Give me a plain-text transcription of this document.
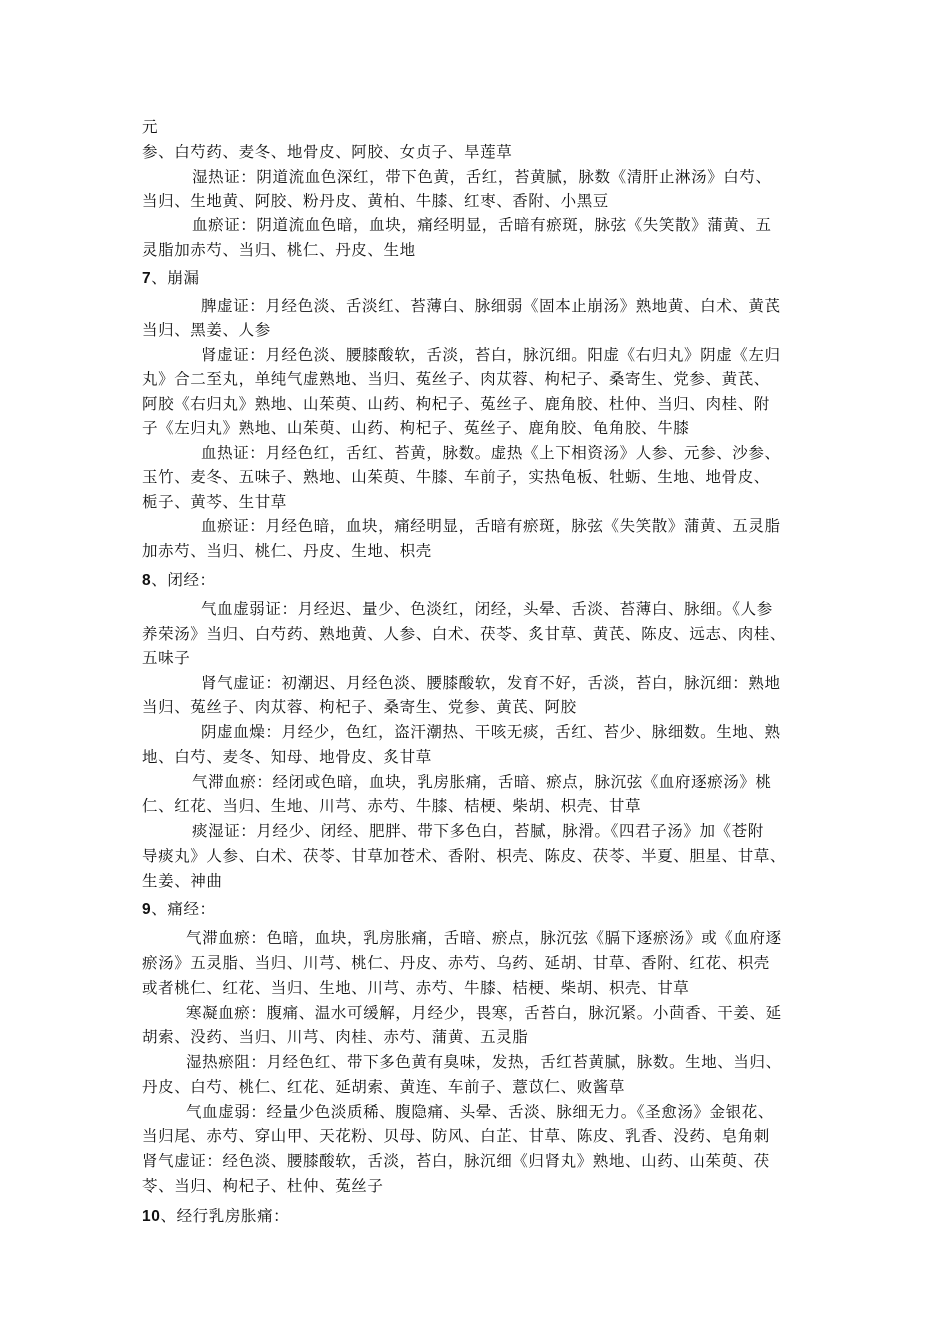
元

参、白芍药、麦冬、地骨皮、阿胶、女贞子、旱莲草

湿热证：阴道流血色深红，带下色黄，舌红，苔黄腻，脉数《清肝止淋汤》白芍、

当归、生地黄、阿胶、粉丹皮、黄柏、牛膝、红枣、香附、小黑豆

血瘀证：阴道流血色暗，血块，痛经明显，舌暗有瘀斑，脉弦《失笑散》蒲黄、五

灵脂加赤芍、当归、桃仁、丹皮、生地

7、崩漏

脾虚证：月经色淡、舌淡红、苔薄白、脉细弱《固本止崩汤》熟地黄、白术、黄芪

当归、黑姜、人参

肾虚证：月经色淡、腰膝酸软，舌淡，苔白，脉沉细。阳虚《右归丸》阴虚《左归

丸》合二至丸，单纯气虚熟地、当归、菟丝子、肉苁蓉、枸杞子、桑寄生、党参、黄芪、

阿胶《右归丸》熟地、山茱萸、山药、枸杞子、菟丝子、鹿角胶、杜仲、当归、肉桂、附

子《左归丸》熟地、山茱萸、山药、枸杞子、菟丝子、鹿角胶、龟角胶、牛膝

血热证：月经色红，舌红、苔黄，脉数。虚热《上下相资汤》人参、元参、沙参、

玉竹、麦冬、五味子、熟地、山茱萸、牛膝、车前子，实热龟板、牡蛎、生地、地骨皮、

栀子、黄芩、生甘草

血瘀证：月经色暗，血块，痛经明显，舌暗有瘀斑，脉弦《失笑散》蒲黄、五灵脂

加赤芍、当归、桃仁、丹皮、生地、枳壳

8、闭经：

气血虚弱证：月经迟、量少、色淡红，闭经，头晕、舌淡、苔薄白、脉细。《人参

养荣汤》当归、白芍药、熟地黄、人参、白术、茯苓、炙甘草、黄芪、陈皮、远志、肉桂、

五味子

肾气虚证：初潮迟、月经色淡、腰膝酸软，发育不好，舌淡，苔白，脉沉细：熟地

当归、菟丝子、肉苁蓉、枸杞子、桑寄生、党参、黄芪、阿胶

阴虚血燥：月经少，色红，盗汗潮热、干咳无痰，舌红、苔少、脉细数。生地、熟

地、白芍、麦冬、知母、地骨皮、炙甘草

气滞血瘀：经闭或色暗，血块，乳房胀痛，舌暗、瘀点，脉沉弦《血府逐瘀汤》桃

仁、红花、当归、生地、川芎、赤芍、牛膝、桔梗、柴胡、枳壳、甘草

痰湿证：月经少、闭经、肥胖、带下多色白，苔腻，脉滑。《四君子汤》加《苍附

导痰丸》人参、白术、茯苓、甘草加苍术、香附、枳壳、陈皮、茯苓、半夏、胆星、甘草、

生姜、神曲

9、痛经：

气滞血瘀：色暗，血块，乳房胀痛，舌暗、瘀点，脉沉弦《膈下逐瘀汤》或《血府逐

瘀汤》五灵脂、当归、川芎、桃仁、丹皮、赤芍、乌药、延胡、甘草、香附、红花、枳壳

或者桃仁、红花、当归、生地、川芎、赤芍、牛膝、桔梗、柴胡、枳壳、甘草

寒凝血瘀：腹痛、温水可缓解，月经少，畏寒，舌苔白，脉沉紧。小茴香、干姜、延

胡索、没药、当归、川芎、肉桂、赤芍、蒲黄、五灵脂

湿热瘀阻：月经色红、带下多色黄有臭味，发热，舌红苔黄腻，脉数。生地、当归、

丹皮、白芍、桃仁、红花、延胡索、黄连、车前子、薏苡仁、败酱草

气血虚弱：经量少色淡质稀、腹隐痛、头晕、舌淡、脉细无力。《圣愈汤》金银花、

当归尾、赤芍、穿山甲、天花粉、贝母、防风、白芷、甘草、陈皮、乳香、没药、皂角刺

肾气虚证：经色淡、腰膝酸软，舌淡，苔白，脉沉细《归肾丸》熟地、山药、山茱萸、茯

苓、当归、枸杞子、杜仲、菟丝子

10、经行乳房胀痛：
